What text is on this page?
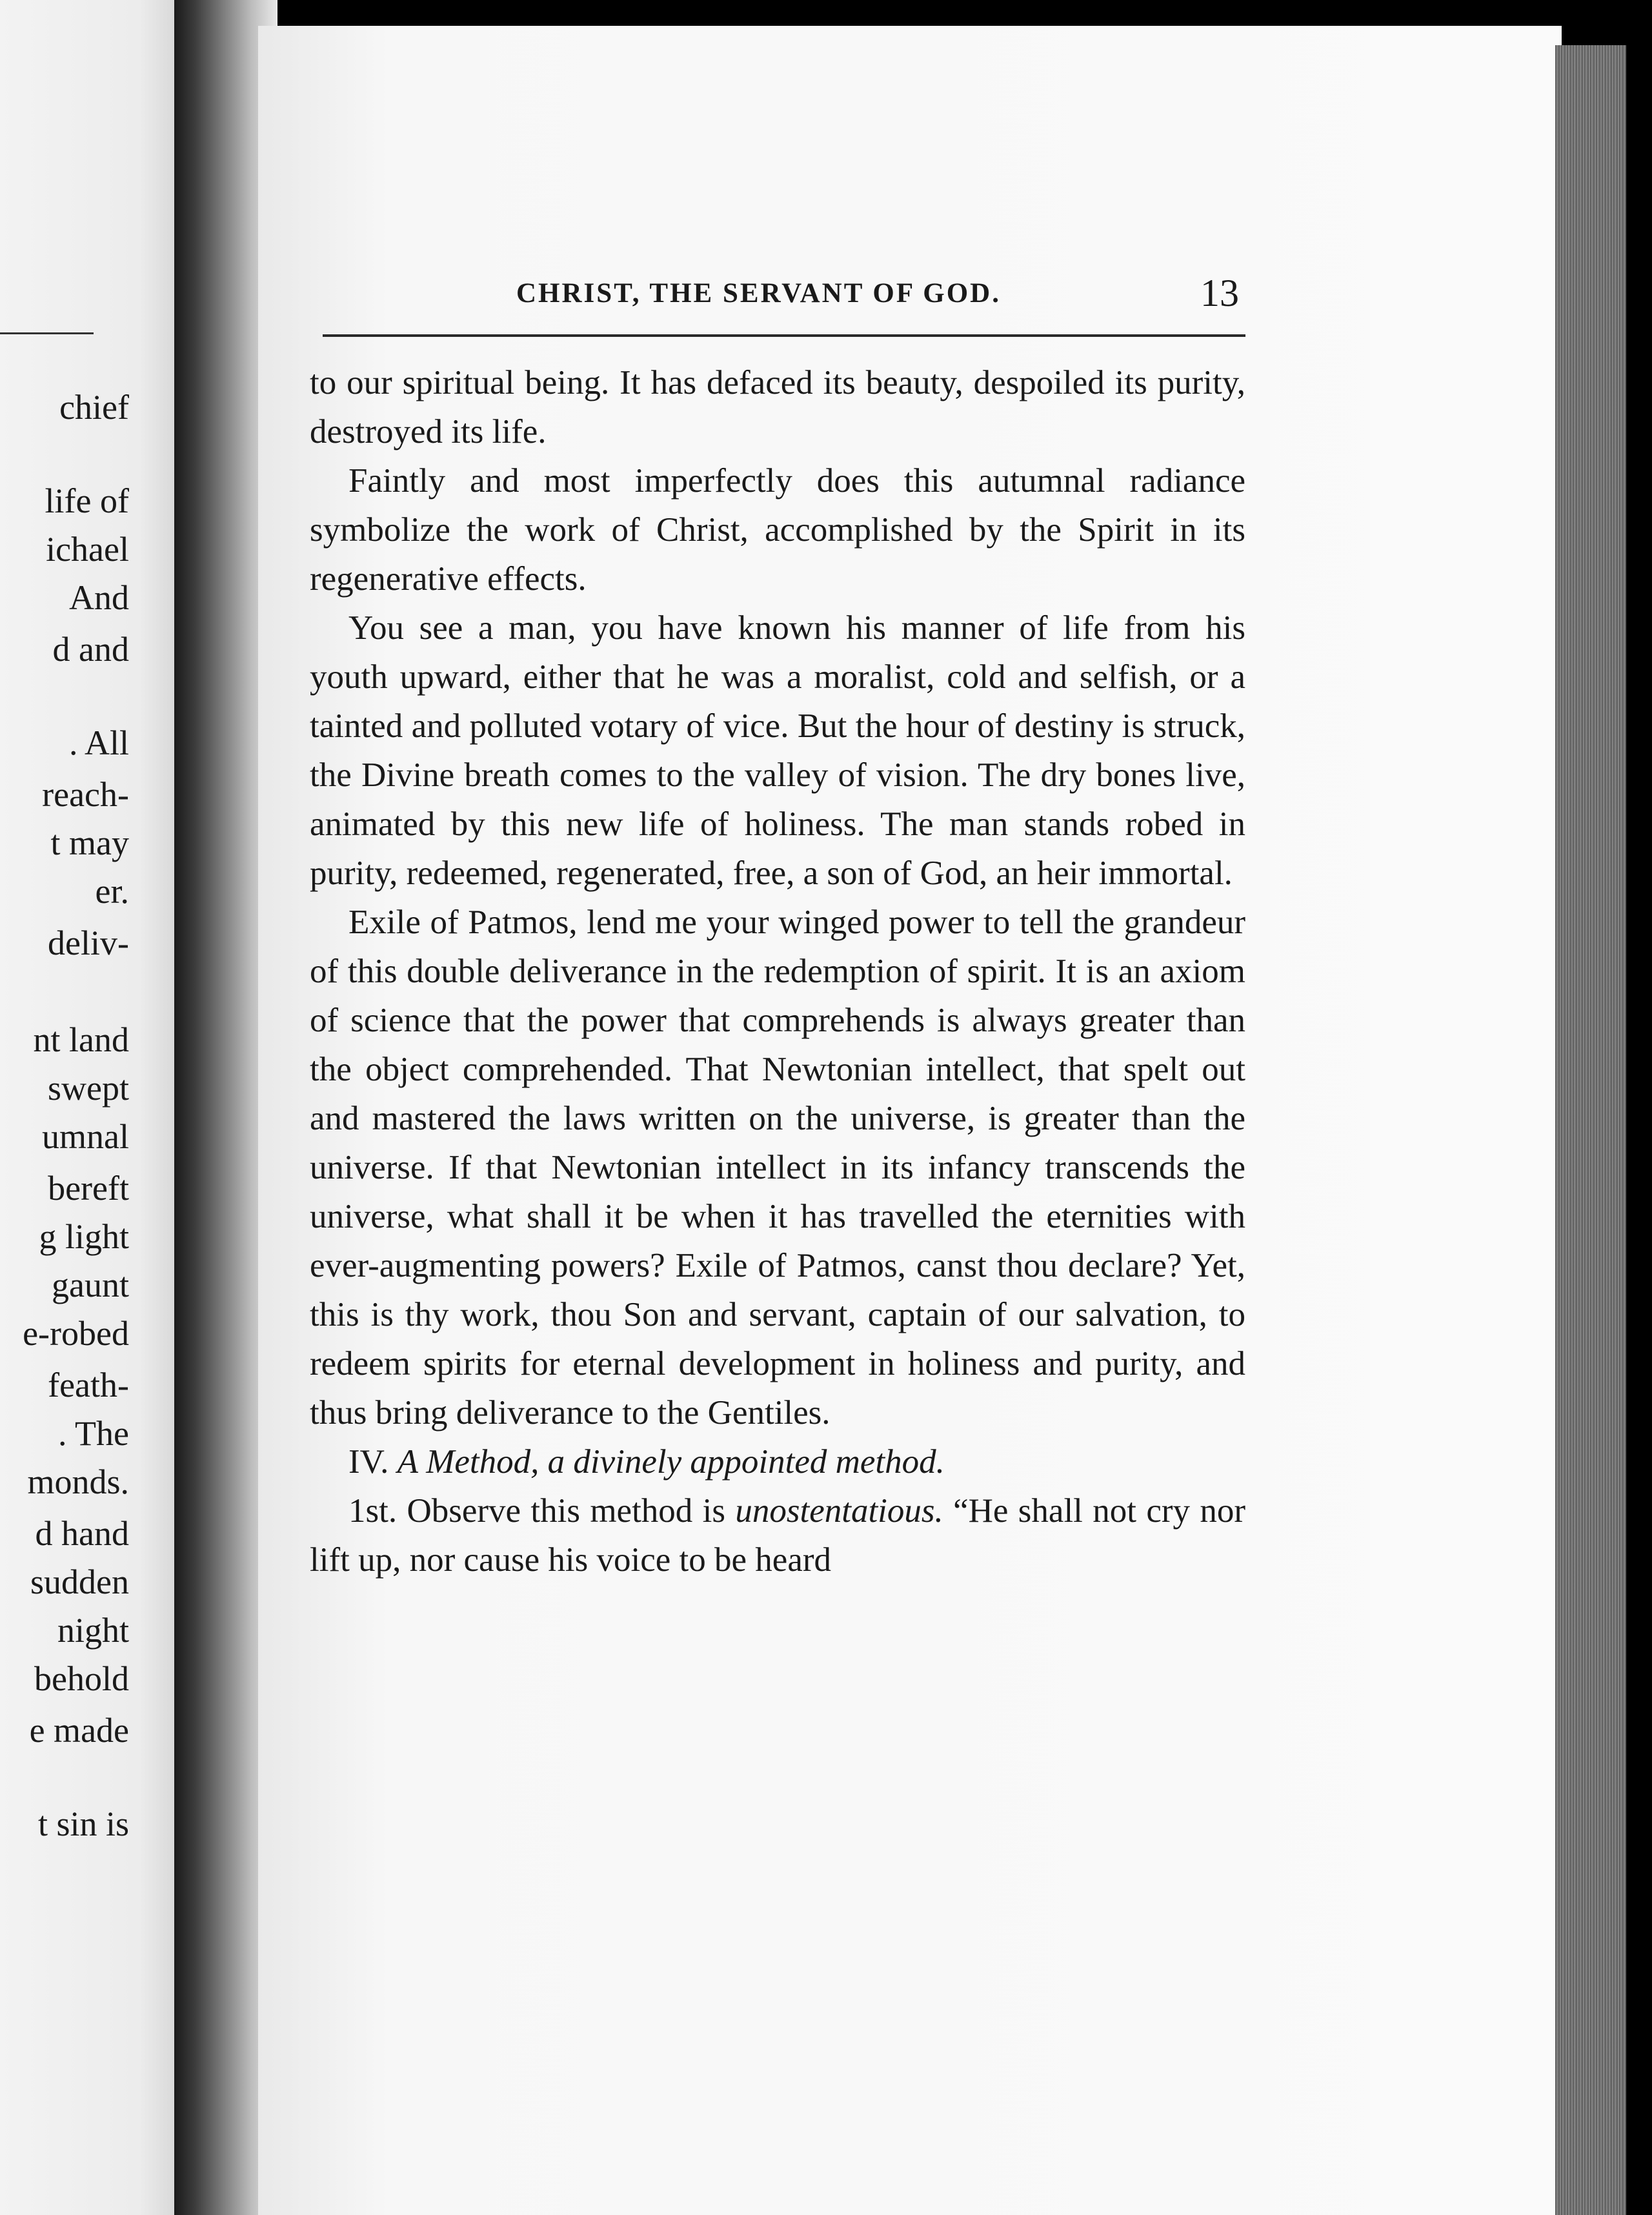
chief
life of
ichael
And
d and
. All
reach-
t may
er.
deliv-
nt land
swept
umnal
bereft
g light
gaunt
e-robed
feath-
. The
monds.
d hand
sudden
night
behold
e made
t sin is
CHRIST, THE SERVANT OF GOD.	13

to our spiritual being. It has defaced its beauty, despoiled its purity, destroyed its life.

Faintly and most imperfectly does this autumnal radiance symbolize the work of Christ, accomplished by the Spirit in its regenerative effects.

You see a man, you have known his manner of life from his youth upward, either that he was a moralist, cold and selfish, or a tainted and polluted votary of vice. But the hour of destiny is struck, the Divine breath comes to the valley of vision. The dry bones live, animated by this new life of holiness. The man stands robed in purity, redeemed, regenerated, free, a son of God, an heir immortal.

Exile of Patmos, lend me your winged power to tell the grandeur of this double deliverance in the redemption of spirit. It is an axiom of science that the power that comprehends is always greater than the object comprehended. That Newtonian intellect, that spelt out and mastered the laws written on the universe, is greater than the universe. If that Newtonian intellect in its infancy transcends the universe, what shall it be when it has travelled the eternities with ever-augmenting powers? Exile of Patmos, canst thou declare? Yet, this is thy work, thou Son and servant, captain of our salvation, to redeem spirits for eternal development in holiness and purity, and thus bring deliverance to the Gentiles.

IV. A Method, a divinely appointed method.

1st. Observe this method is unostentatious. “He shall not cry nor lift up, nor cause his voice to be heard
